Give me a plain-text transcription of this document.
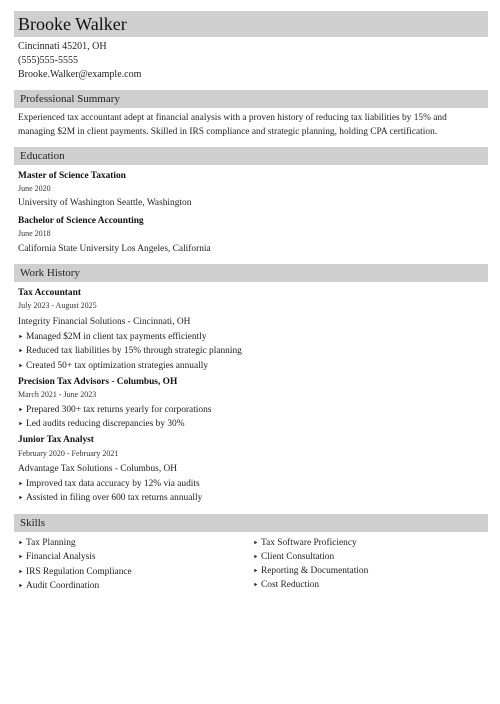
Brooke Walker
Cincinnati 45201, OH
(555)555-5555
Brooke.Walker@example.com
Professional Summary
Experienced tax accountant adept at financial analysis with a proven history of reducing tax liabilities by 15% and managing $2M in client payments. Skilled in IRS compliance and strategic planning, holding CPA certification.
Education
Master of Science Taxation
June 2020
University of Washington Seattle, Washington
Bachelor of Science Accounting
June 2018
California State University Los Angeles, California
Work History
Tax Accountant
July 2023 - August 2025
Integrity Financial Solutions - Cincinnati, OH
‣ Managed $2M in client tax payments efficiently
‣ Reduced tax liabilities by 15% through strategic planning
‣ Created 50+ tax optimization strategies annually
Precision Tax Advisors - Columbus, OH
March 2021 - June 2023
‣ Prepared 300+ tax returns yearly for corporations
‣ Led audits reducing discrepancies by 30%
Junior Tax Analyst
February 2020 - February 2021
Advantage Tax Solutions - Columbus, OH
‣ Improved tax data accuracy by 12% via audits
‣ Assisted in filing over 600 tax returns annually
Skills
‣ Tax Planning
‣ Financial Analysis
‣ IRS Regulation Compliance
‣ Audit Coordination
‣ Tax Software Proficiency
‣ Client Consultation
‣ Reporting & Documentation
‣ Cost Reduction
